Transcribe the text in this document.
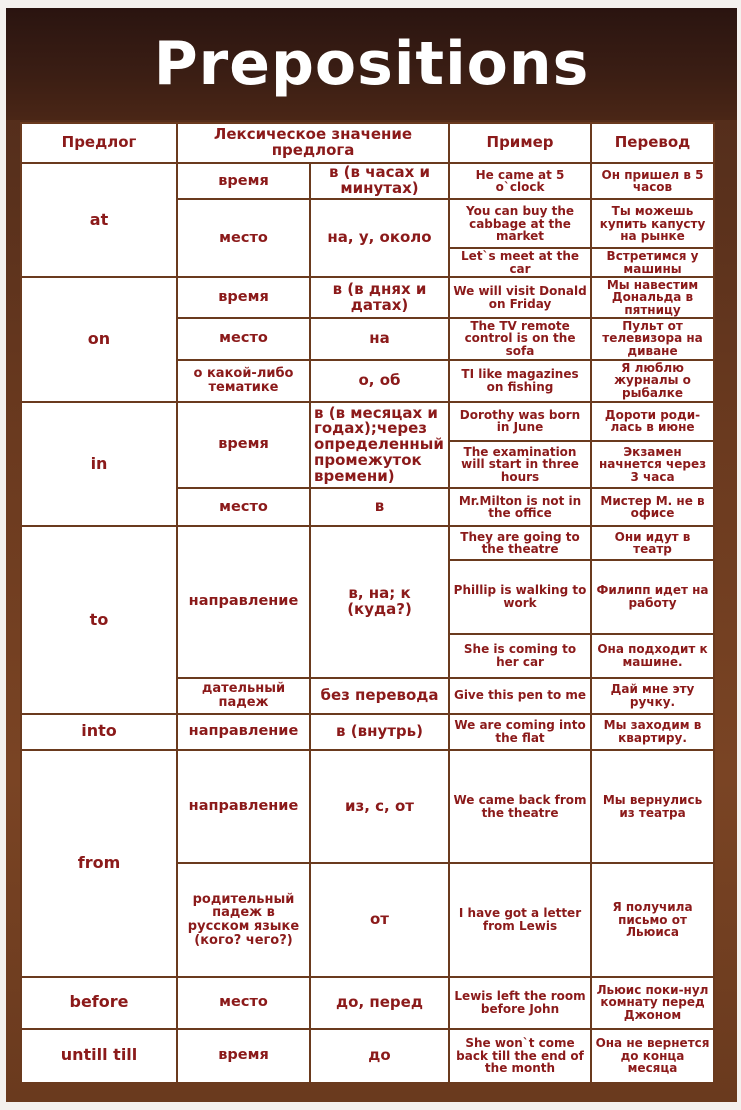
Prepositions
Предлог	Лексическое значение предлога		Пример	Перевод
at	время	в (в часах и минутах)	He came at 5 o`clock	Он пришел в 5 часов
	место	на, у, около	You can buy the cabbage at the market	Ты можешь купить капусту на рынке
			Let`s meet at the car	Встретимся у машины
on	время	в (в днях и датах)	We will visit Donald on Friday	Мы навестим Дональда в пятницу
	место	на	The TV remote control is on the sofa	Пульт от телевизора на диване
	о какой-либо тематике	о, об	TI like magazines on fishing	Я люблю журналы о рыбалке
in	время	в (в месяцах и годах);через определенный промежуток времени)	Dorothy was born in June	Дороти роди-лась в июне
			The examination will start in three hours	Экзамен начнется через 3 часа
	место	в	Mr.Milton is not in the office	Мистер М. не в офисе
to	направление	в, на; к (куда?)	They are going to the theatre	Они идут в театр
			Phillip is walking to work	Филипп идет на работу
			She is coming to her car	Она подходит к машине.
	дательный падеж	без перевода	Give this pen to me	Дай мне эту ручку.
into	направление	в (внутрь)	We are coming into the flat	Мы заходим в квартиру.
from	направление	из, с, от	We came back from the theatre	Мы вернулись из театра
	родительный падеж в русском языке (кого? чего?)	от	I have got a letter from Lewis	Я получила письмо от Льюиса
before	место	до, перед	Lewis left the room before John	Льюис поки-нул комнату перед Джоном
untill till	время	до	She won`t come back till the end of the month	Она не вернется до конца месяца
